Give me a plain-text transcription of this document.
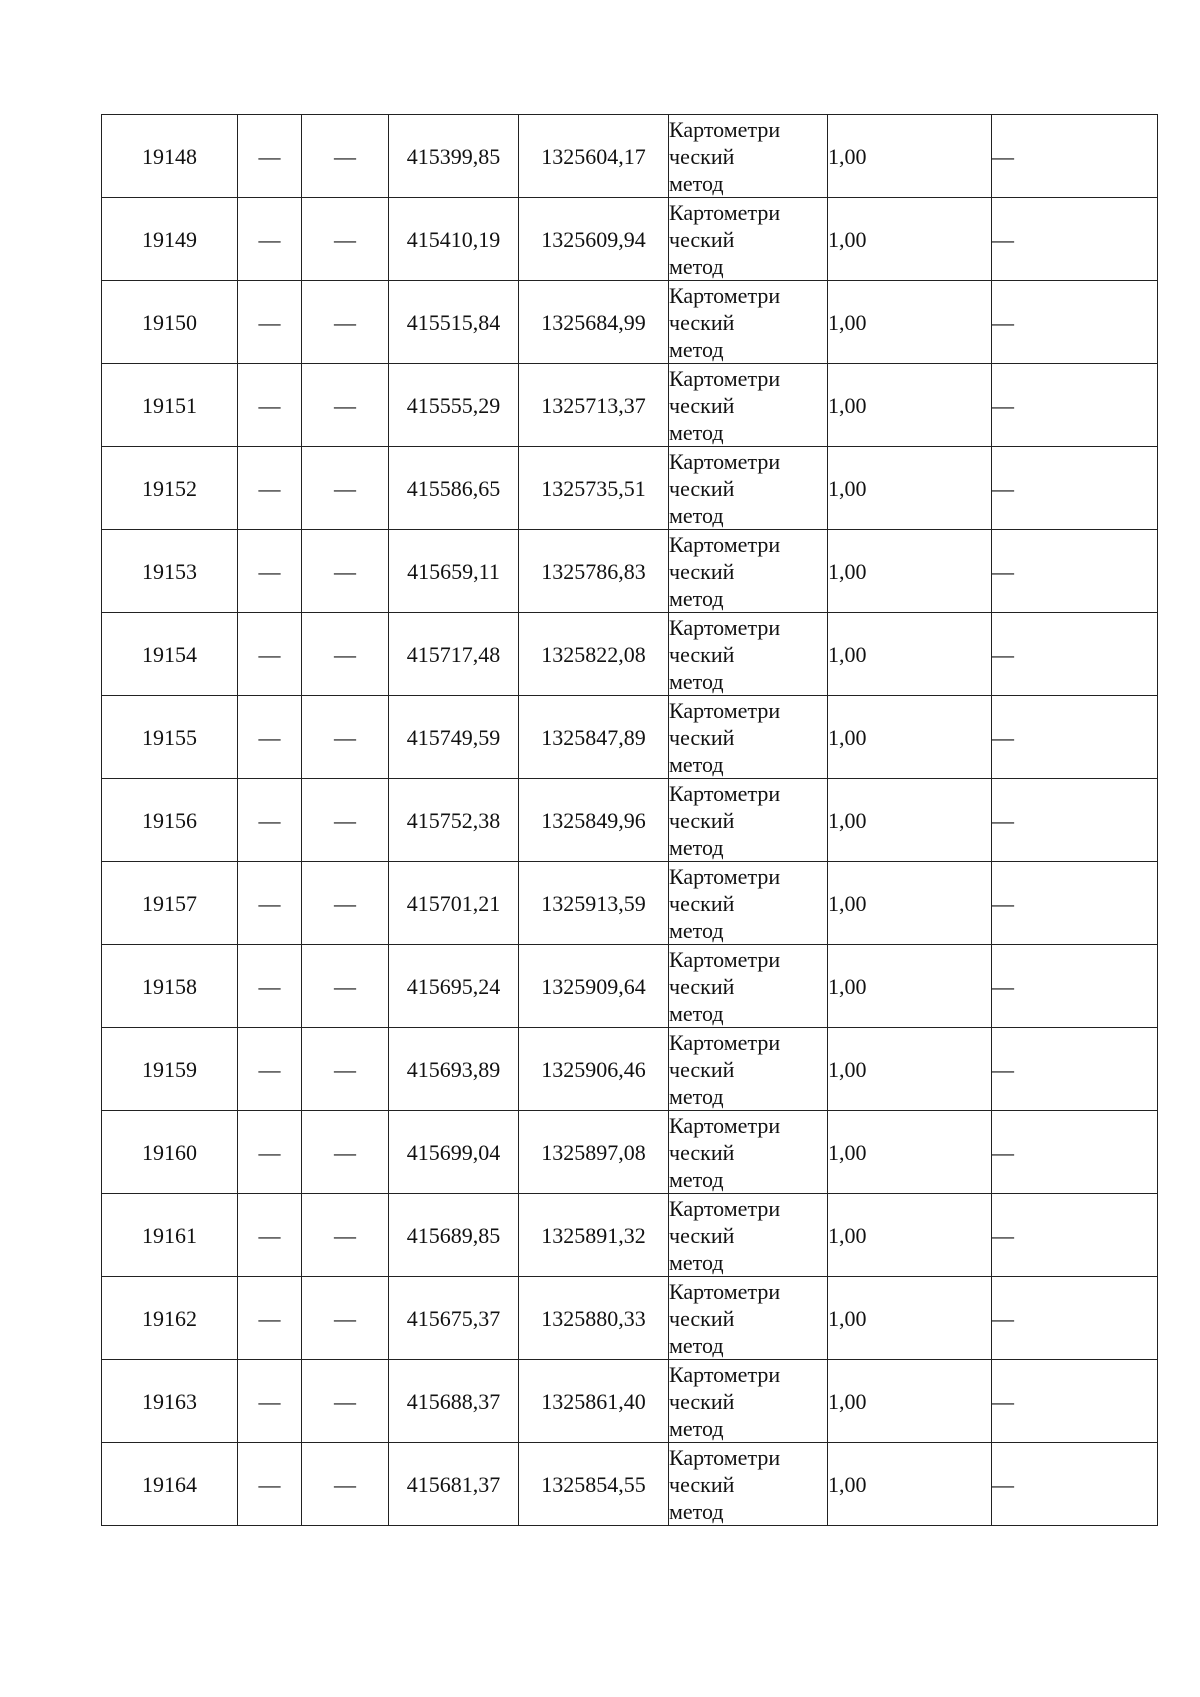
19148	—	—	415399,85	1325604,17	Картометри
ческий
метод	1,00	—
19149	—	—	415410,19	1325609,94	Картометри
ческий
метод	1,00	—
19150	—	—	415515,84	1325684,99	Картометри
ческий
метод	1,00	—
19151	—	—	415555,29	1325713,37	Картометри
ческий
метод	1,00	—
19152	—	—	415586,65	1325735,51	Картометри
ческий
метод	1,00	—
19153	—	—	415659,11	1325786,83	Картометри
ческий
метод	1,00	—
19154	—	—	415717,48	1325822,08	Картометри
ческий
метод	1,00	—
19155	—	—	415749,59	1325847,89	Картометри
ческий
метод	1,00	—
19156	—	—	415752,38	1325849,96	Картометри
ческий
метод	1,00	—
19157	—	—	415701,21	1325913,59	Картометри
ческий
метод	1,00	—
19158	—	—	415695,24	1325909,64	Картометри
ческий
метод	1,00	—
19159	—	—	415693,89	1325906,46	Картометри
ческий
метод	1,00	—
19160	—	—	415699,04	1325897,08	Картометри
ческий
метод	1,00	—
19161	—	—	415689,85	1325891,32	Картометри
ческий
метод	1,00	—
19162	—	—	415675,37	1325880,33	Картометри
ческий
метод	1,00	—
19163	—	—	415688,37	1325861,40	Картометри
ческий
метод	1,00	—
19164	—	—	415681,37	1325854,55	Картометри
ческий
метод	1,00	—
